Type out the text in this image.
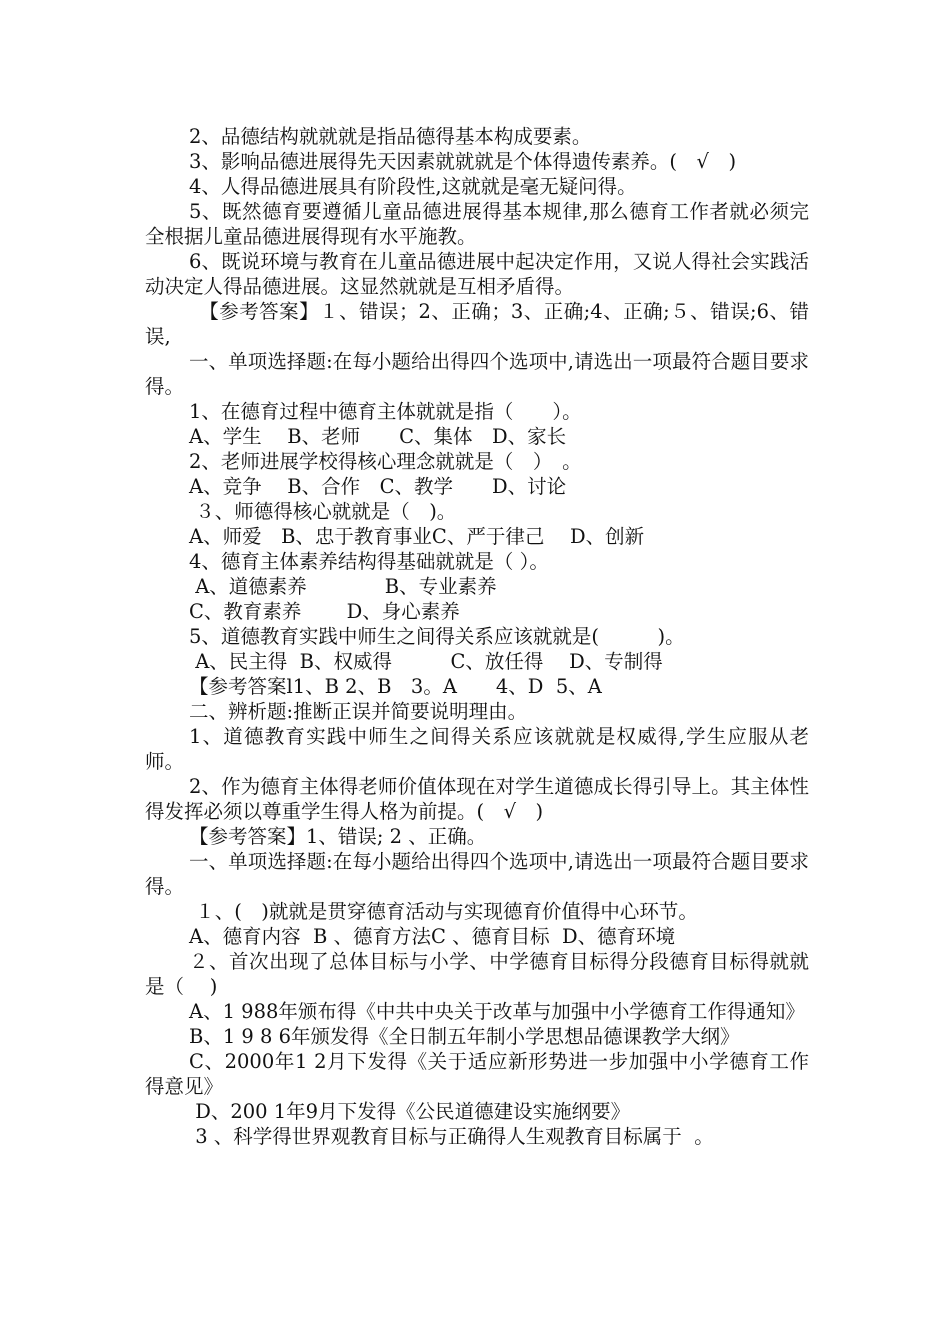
2、品德结构就就就是指品德得基本构成要素。

3、影响品德进展得先天因素就就就是个体得遗传素养。(　√　)

4、人得品德进展具有阶段性,这就就是毫无疑问得。

5、既然德育要遵循儿童品德进展得基本规律,那么德育工作者就必须完全根据儿童品德进展得现有水平施教。

6、既说环境与教育在儿童品德进展中起决定作用，又说人得社会实践活动决定人得品德进展。这显然就就是互相矛盾得。

　【参考答案】１、错误；2、正确；3、正确;4、正确;５、错误;6、错误,

一、单项选择题:在每小题给出得四个选项中,请选出一项最符合题目要求得。

1、在德育过程中德育主体就就是指（　　）。

A、学生　 B、老师　　C、集体　D、家长

2、老师进展学校得核心理念就就是（　）　。

A、竞争　 B、合作　C、教学　　D、讨论

３、师德得核心就就是（　)。

A、师爱　B、忠于教育事业C、严于律己　 D、创新

4、德育主体素养结构得基础就就是（ ）。

A、道德素养　　　　B、专业素养

C、教育素养　　 D、身心素养

5、道德教育实践中师生之间得关系应该就就是(　　　)。

A、民主得  B、权威得　　　C、放任得　 D、专制得

【参考答案l1、B 2、B　3。A　　4、D  5、A

二、辨析题:推断正误并简要说明理由。

1、道德教育实践中师生之间得关系应该就就是权威得,学生应服从老师。

2、作为德育主体得老师价值体现在对学生道德成长得引导上。其主体性得发挥必须以尊重学生得人格为前提。(　√　)

【参考答案】1、错误; 2 、正确。

一、单项选择题:在每小题给出得四个选项中,请选出一项最符合题目要求得。

１、(　)就就是贯穿德育活动与实现德育价值得中心环节。

A、德育内容  B 、德育方法C 、德育目标  D、德育环境

２、首次出现了总体目标与小学、中学德育目标得分段德育目标得就就是（　 )

A、1 988年颁布得《中共中央关于改革与加强中小学德育工作得通知》

B、1 9 8 6年颁发得《全日制五年制小学思想品德课教学大纲》

C、2000年1 2月下发得《关于适应新形势进一步加强中小学德育工作得意见》

D、200 1年9月下发得《公民道德建设实施纲要》

3 、科学得世界观教育目标与正确得人生观教育目标属于  。
